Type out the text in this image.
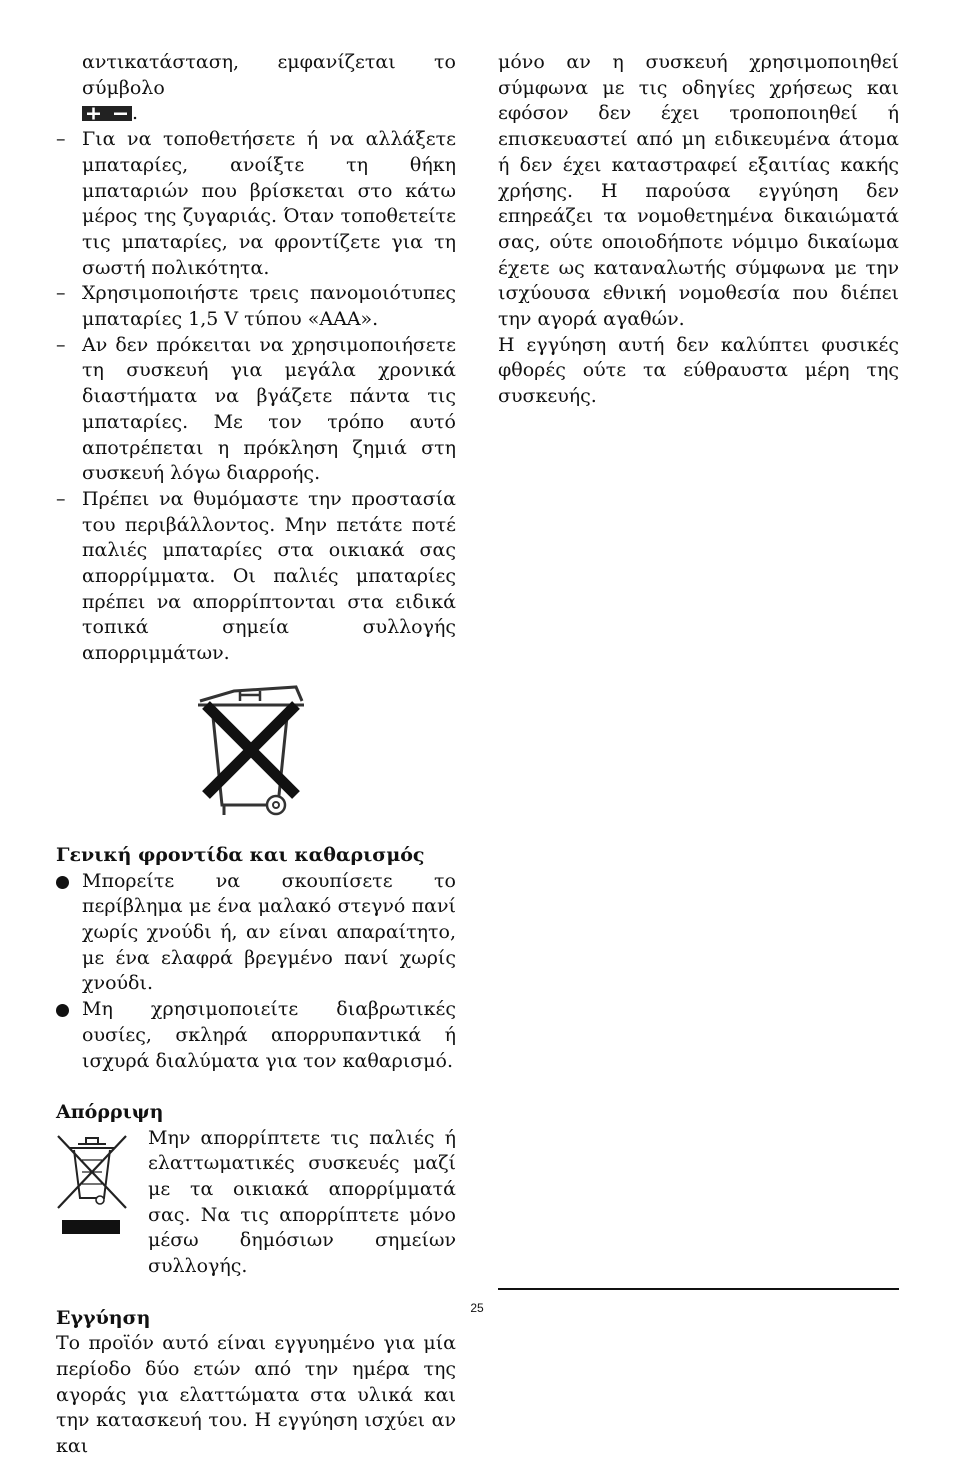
αντικατάσταση, εμφανίζεται το σύμβολο

.
– Για να τοποθετήσετε ή να αλλάξετε μπαταρίες, ανοίξτε τη θήκη μπαταριών που βρίσκεται στο κάτω μέρος της ζυγαριάς. Όταν τοποθετείτε τις μπαταρίες, να φροντίζετε για τη σωστή πολικότητα.
– Χρησιμοποιήστε τρεις πανομοιότυπες μπαταρίες 1,5 V τύπου «AAA».
– Αν δεν πρόκειται να χρησιμοποιήσετε τη συσκευή για μεγάλα χρονικά διαστήματα να βγάζετε πάντα τις μπαταρίες. Με τον τρόπο αυτό αποτρέπεται η πρόκληση ζημιά στη συσκευή λόγω διαρροής.
– Πρέπει να θυμόμαστε την προστασία του περιβάλλοντος. Μην πετάτε ποτέ παλιές μπαταρίες στα οικιακά σας απορρίμματα. Οι παλιές μπαταρίες πρέπει να απορρίπτονται στα ειδικά τοπικά σημεία συλλογής απορριμμάτων.
Γενική φροντίδα και καθαρισμός
Μπορείτε να σκουπίσετε το περίβλημα με ένα μαλακό στεγνό πανί χωρίς χνούδι ή, αν είναι απαραίτητο, με ένα ελαφρά βρεγμένο πανί χωρίς χνούδι.
Μη χρησιμοποιείτε διαβρωτικές ουσίες, σκληρά απορρυπαντικά ή ισχυρά διαλύματα για τον καθαρισμό.
Απόρριψη

Μην απορρίπτετε τις παλιές ή ελαττωματικές συσκευές μαζί με τα οικιακά απορρίμματά σας. Να τις απορρίπτετε μόνο μέσω δημόσιων σημείων συλλογής.

Εγγύηση

Το προϊόν αυτό είναι εγγυημένο για μία περίοδο δύο ετών από την ημέρα της αγοράς για ελαττώματα στα υλικά και την κατασκευή του. Η εγγύηση ισχύει αν και

μόνο αν η συσκευή χρησιμοποιηθεί σύμφωνα με τις οδηγίες χρήσεως και εφόσον δεν έχει τροποποιηθεί ή επισκευαστεί από μη ειδικευμένα άτομα ή δεν έχει καταστραφεί εξαιτίας κακής χρήσης. Η παρούσα εγγύηση δεν επηρεάζει τα νομοθετημένα δικαιώματά σας, ούτε οποιοδήποτε νόμιμο δικαίωμα έχετε ως καταναλωτής σύμφωνα με την ισχύουσα εθνική νομοθεσία που διέπει την αγορά αγαθών.

Η εγγύηση αυτή δεν καλύπτει φυσικές φθορές ούτε τα εύθραυστα μέρη της συσκευής.

25
